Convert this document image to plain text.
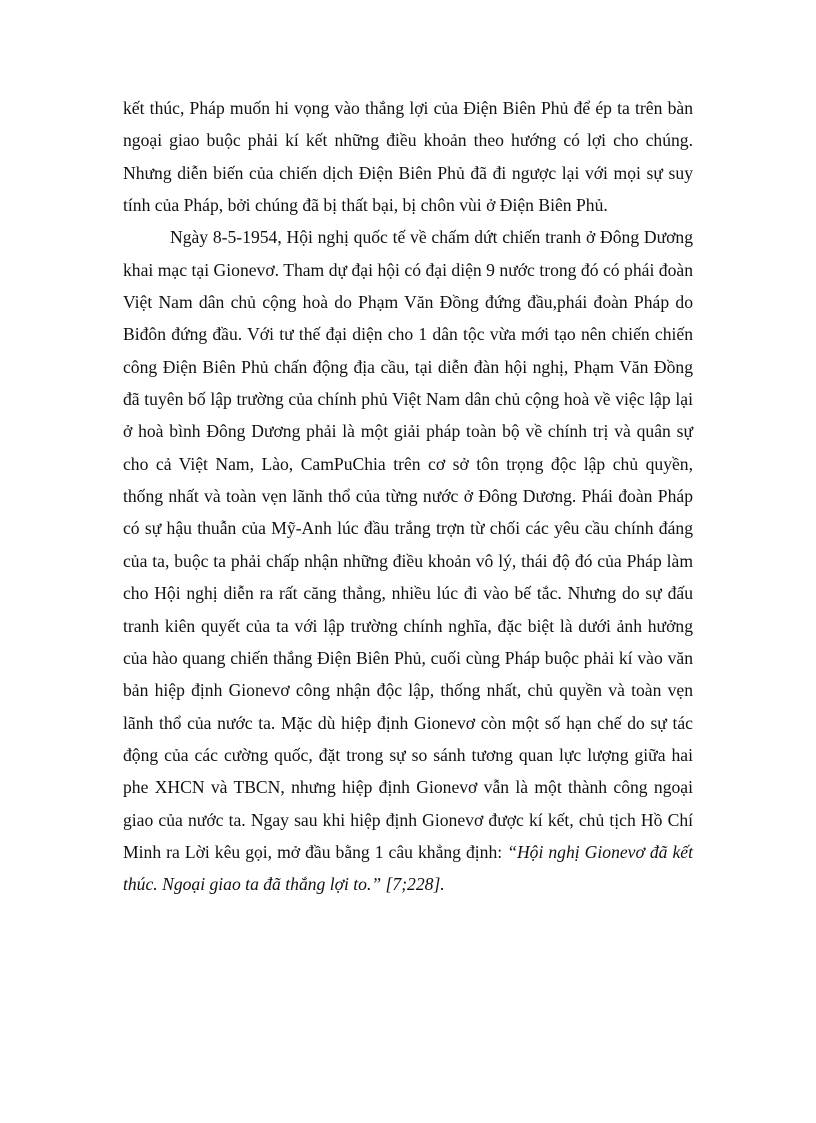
kết thúc, Pháp muốn hi vọng vào thắng lợi của Điện Biên Phủ để ép ta trên bàn ngoại giao buộc phải kí kết những điều khoản theo hướng có lợi cho chúng. Nhưng diễn biến của chiến dịch Điện Biên Phủ đã đi ngược lại với mọi sự suy tính của Pháp, bởi chúng đã bị thất bại, bị chôn vùi ở Điện Biên Phủ.

Ngày 8-5-1954, Hội nghị quốc tế về chấm dứt chiến tranh ở Đông Dương khai mạc tại Gionevơ. Tham dự đại hội có đại diện 9 nước trong đó có phái đoàn Việt Nam dân chủ cộng hoà do Phạm Văn Đồng đứng đầu,phái đoàn Pháp do Biđôn đứng đầu. Với tư thế đại diện cho 1 dân tộc vừa mới tạo nên chiến chiến công Điện Biên Phủ chấn động địa cầu, tại diễn đàn hội nghị, Phạm Văn Đồng đã tuyên bố lập trường của chính phủ Việt Nam dân chủ cộng hoà về việc lập lại ở hoà bình Đông Dương phải là một giải pháp toàn bộ về chính trị và quân sự cho cả Việt Nam, Lào, CamPuChia trên cơ sở tôn trọng độc lập chủ quyền, thống nhất và toàn vẹn lãnh thổ của từng nước ở Đông Dương. Phái đoàn Pháp có sự hậu thuẫn của Mỹ-Anh lúc đầu trắng trợn từ chối các yêu cầu chính đáng của ta, buộc ta phải chấp nhận những điều khoản vô lý, thái độ đó của Pháp làm cho Hội nghị diễn ra rất căng thẳng, nhiều lúc đi vào bế tắc. Nhưng do sự đấu tranh kiên quyết của ta với lập trường chính nghĩa, đặc biệt là dưới ảnh hưởng của hào quang chiến thắng Điện Biên Phủ, cuối cùng Pháp buộc phải kí vào văn bản hiệp định Gionevơ công nhận độc lập, thống nhất, chủ quyền và toàn vẹn lãnh thổ của nước ta. Mặc dù hiệp định Gionevơ còn một số hạn chế do sự tác động của các cường quốc, đặt trong sự so sánh tương quan lực lượng giữa hai phe XHCN và TBCN, nhưng hiệp định Gionevơ vẫn là một thành công ngoại giao của nước ta. Ngay sau khi hiệp định Gionevơ được kí kết, chủ tịch Hồ Chí Minh ra Lời kêu gọi, mở đầu bằng 1 câu khẳng định: “Hội nghị Gionevơ đã kết thúc. Ngoại giao ta đã thắng lợi to.” [7;228].
